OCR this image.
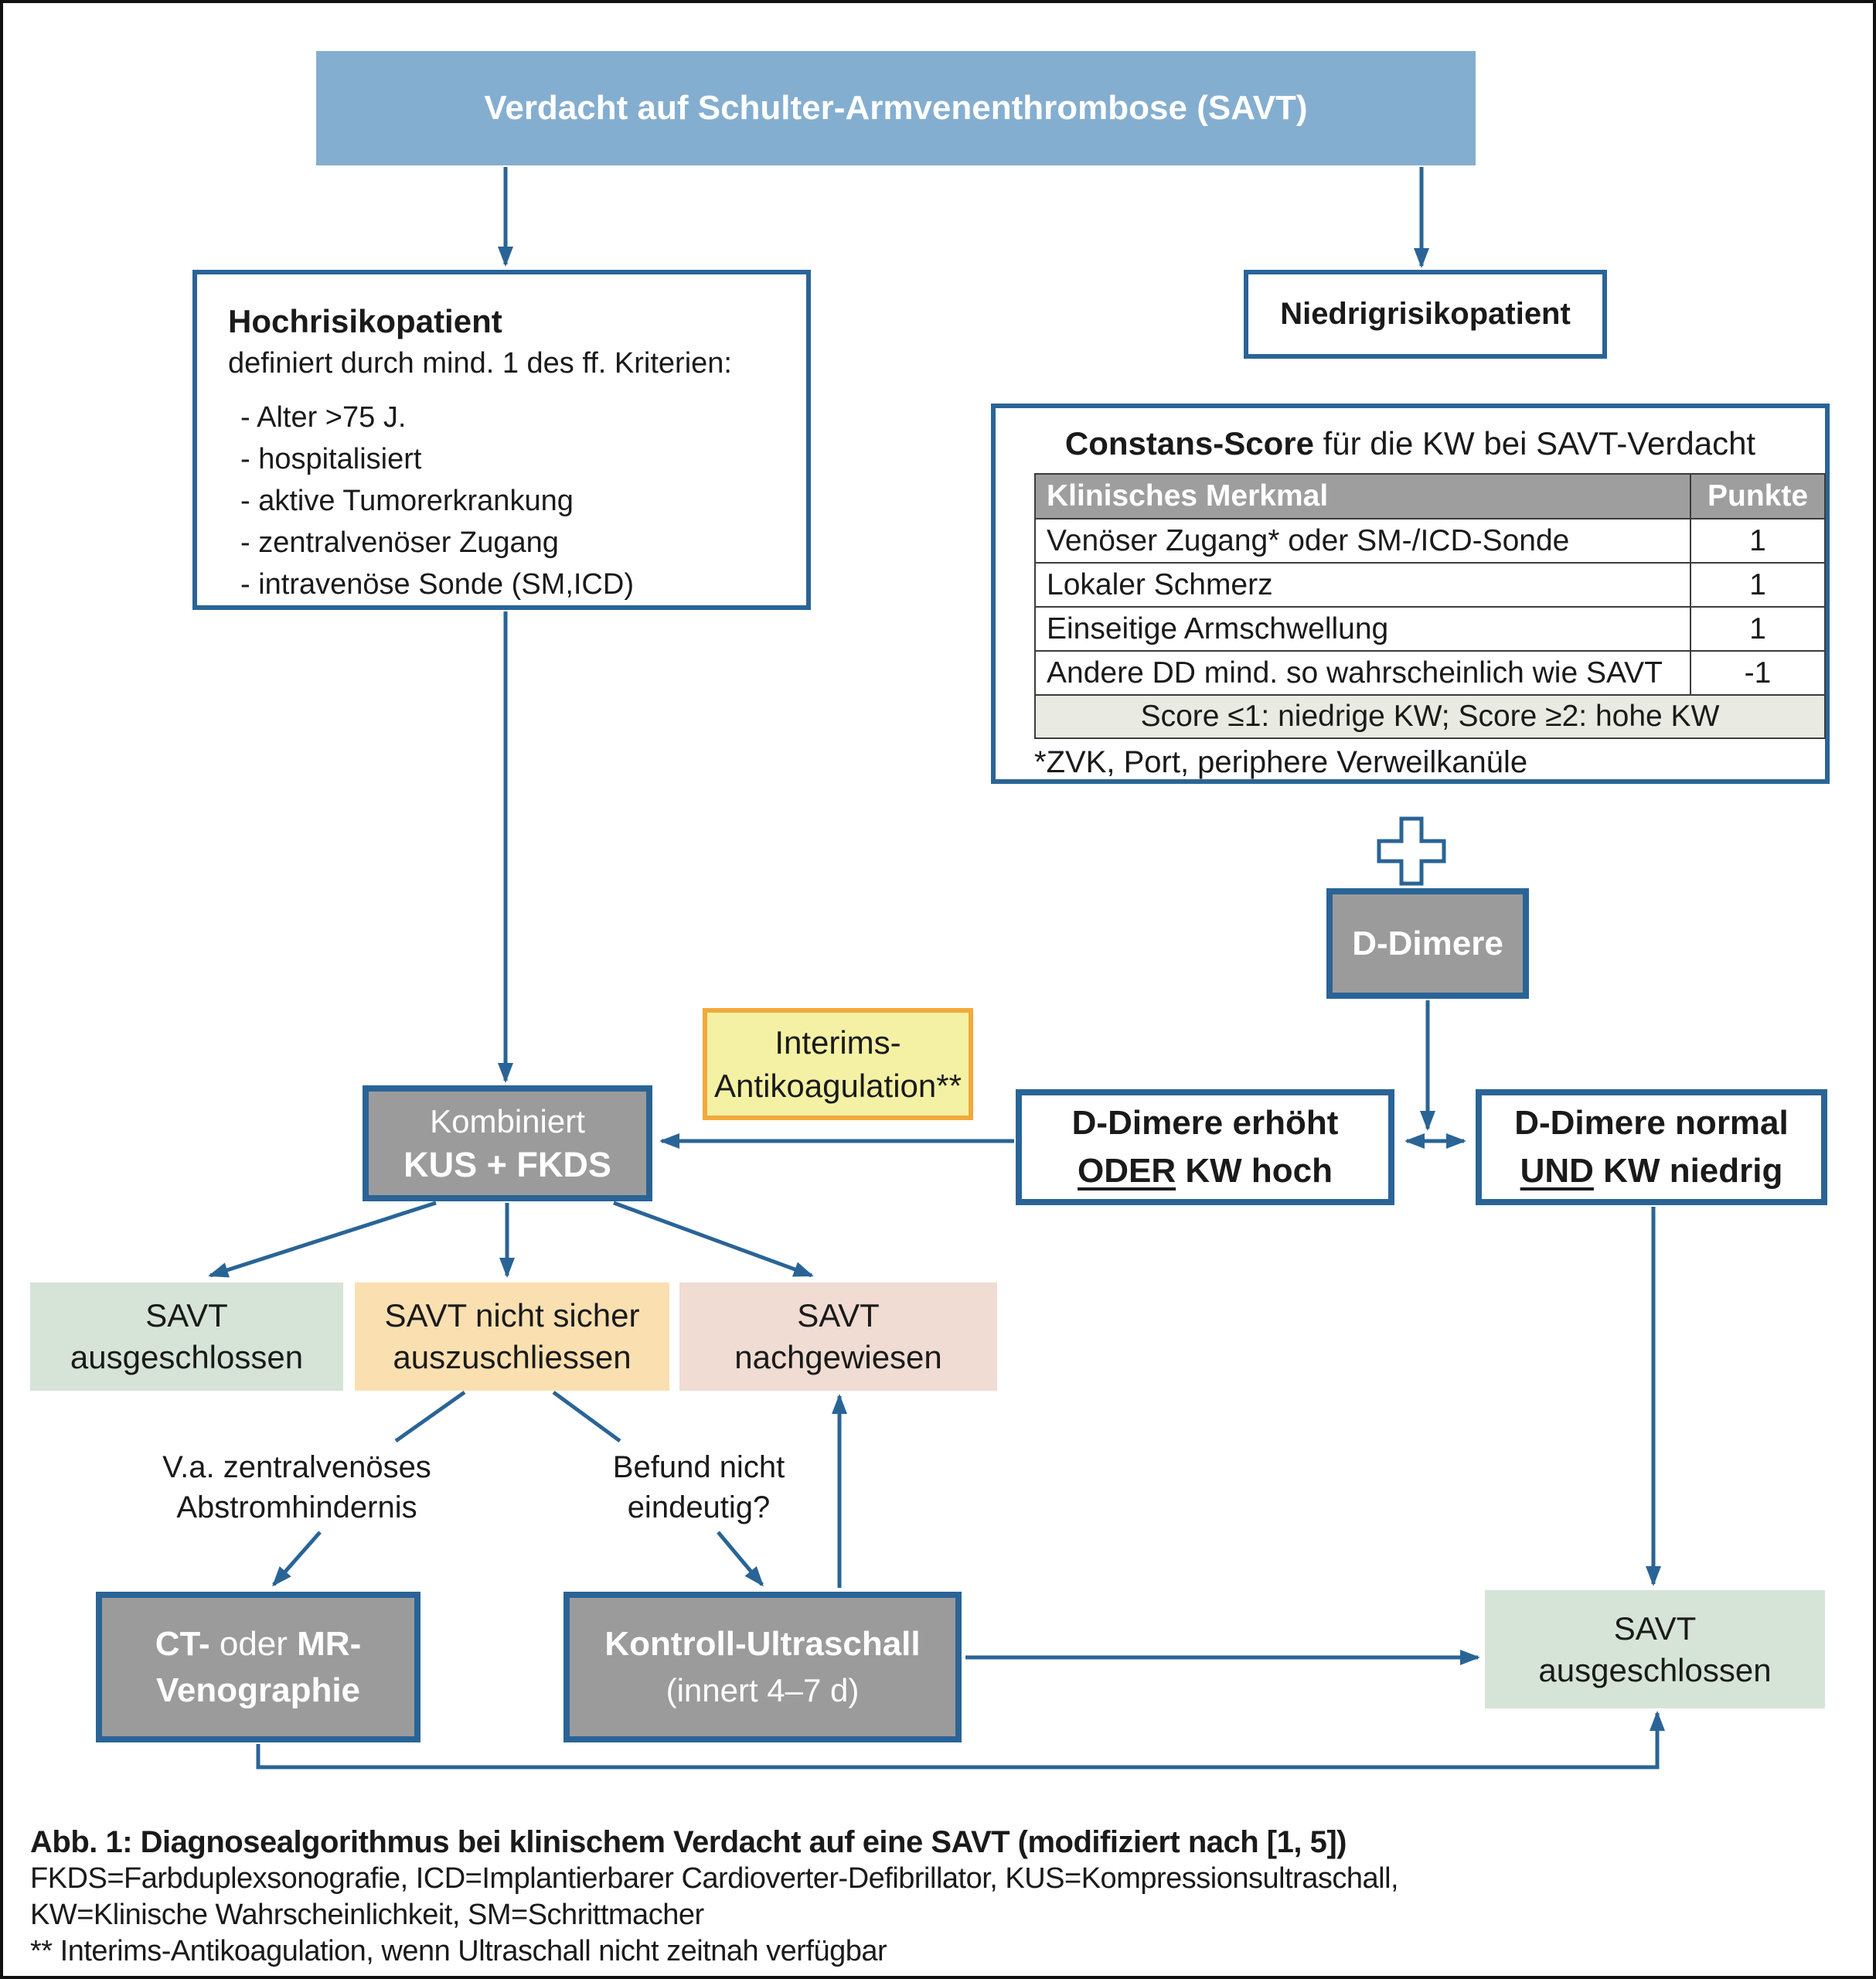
Verdacht auf Schulter-Armvenenthrombose (SAVT)
Hochrisikopatient
definiert durch mind. 1 des ff. Kriterien:
- Alter >75 J.
- hospitalisiert
- aktive Tumorerkrankung
- zentralvenöser Zugang
- intravenöse Sonde (SM,ICD)
Niedrigrisikopatient
Constans-Score für die KW bei SAVT-Verdacht
Klinisches Merkmal	Punkte
Venöser Zugang* oder SM-/ICD-Sonde	1
Lokaler Schmerz	1
Einseitige Armschwellung	1
Andere DD mind. so wahrscheinlich wie SAVT	-1
Score ≤1: niedrige KW; Score ≥2: hohe KW	
*ZVK, Port, periphere Verweilkanüle
D-Dimere
Interims-
Antikoagulation**
Kombiniert
KUS + FKDS
D-Dimere erhöht
ODER KW hoch
D-Dimere normal
UND KW niedrig
SAVT
ausgeschlossen
SAVT nicht sicher
auszuschliessen
SAVT
nachgewiesen
V.a. zentralvenöses
Abstromhindernis
Befund nicht
eindeutig?
CT- oder MR-
Venographie
Kontroll-Ultraschall
(innert 4–7 d)
SAVT
ausgeschlossen
Abb. 1: Diagnosealgorithmus bei klinischem Verdacht auf eine SAVT (modifiziert nach [1, 5])
FKDS=Farbduplexsonografie, ICD=Implantierbarer Cardioverter-Defibrillator, KUS=Kompressionsultraschall,
KW=Klinische Wahrscheinlichkeit, SM=Schrittmacher
** Interims-Antikoagulation, wenn Ultraschall nicht zeitnah verfügbar
